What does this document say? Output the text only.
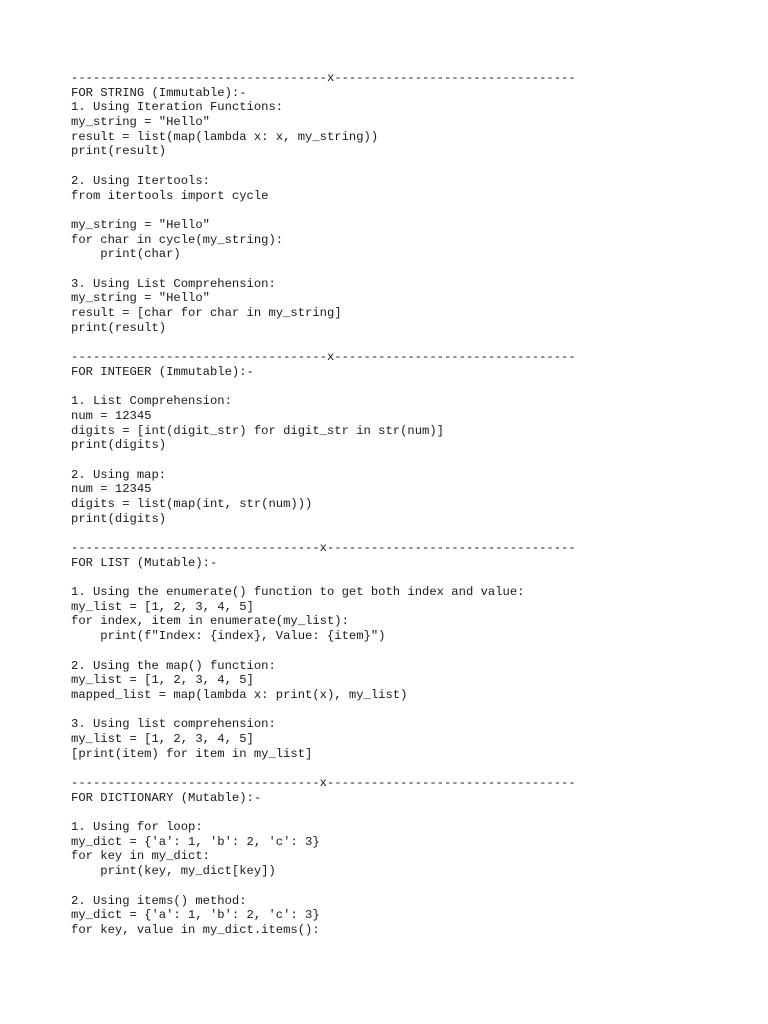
-----------------------------------x---------------------------------
FOR STRING (Immutable):-
1. Using Iteration Functions:
my_string = "Hello"
result = list(map(lambda x: x, my_string))
print(result)
2. Using Itertools:
from itertools import cycle
my_string = "Hello"
for char in cycle(my_string):
print(char)
3. Using List Comprehension:
my_string = "Hello"
result = [char for char in my_string]
print(result)
-----------------------------------x---------------------------------
FOR INTEGER (Immutable):-
1. List Comprehension:
num = 12345
digits = [int(digit_str) for digit_str in str(num)]
print(digits)
2. Using map:
num = 12345
digits = list(map(int, str(num)))
print(digits)
----------------------------------x----------------------------------
FOR LIST (Mutable):-
1. Using the enumerate() function to get both index and value:
my_list = [1, 2, 3, 4, 5]
for index, item in enumerate(my_list):
print(f"Index: {index}, Value: {item}")
2. Using the map() function:
my_list = [1, 2, 3, 4, 5]
mapped_list = map(lambda x: print(x), my_list)
3. Using list comprehension:
my_list = [1, 2, 3, 4, 5]
[print(item) for item in my_list]
----------------------------------x----------------------------------
FOR DICTIONARY (Mutable):-
1. Using for loop:
my_dict = {'a': 1, 'b': 2, 'c': 3}
for key in my_dict:
print(key, my_dict[key])
2. Using items() method:
my_dict = {'a': 1, 'b': 2, 'c': 3}
for key, value in my_dict.items():
